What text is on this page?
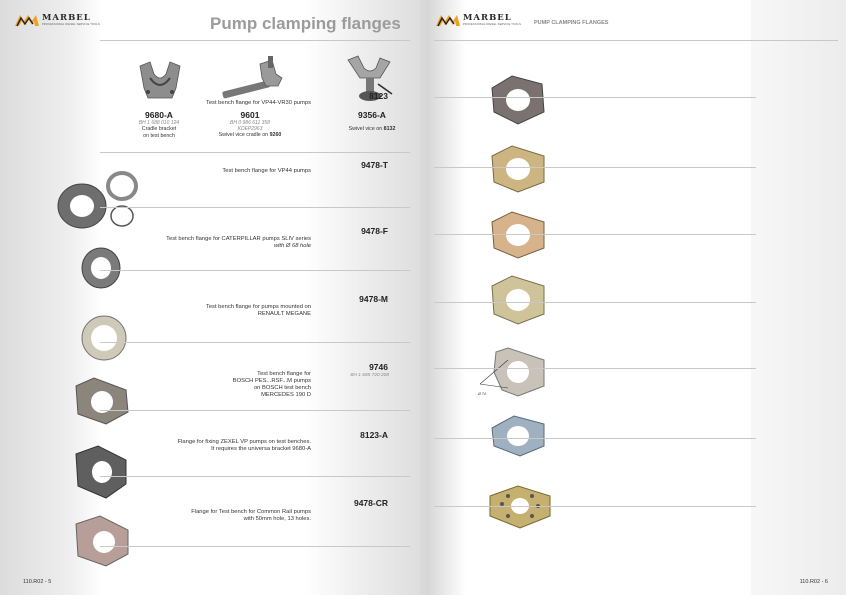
MARBEL
PROFESSIONAL DIESEL SERVICE TOOLS	Pump clamping flanges
9680-A
BH 1 688 010 124
Cradle bracket
on test bench
9601
BH 0 986 611 358
KDEP2963
Swivel vice cradle on 9260
9356-A
Swivel vice on 8132
110.R02 - 5
MARBEL
PROFESSIONAL DIESEL SERVICE TOOLS PUMP CLAMPING FLANGES
Ø 74
8123
Test bench flange for VP44-VR30 pumps
9478-T
Test bench flange for VP44 pumps
9478-F
Test bench flange for CATERPILLAR pumps SLIV series
with Ø 68 hole
9478-M
Test bench flange for pumps mounted on
RENAULT MEGANE
9746
BH 1 685 720 208
Test bench flange for
BOSCH PES...RSF...M pumps
on BOSCH test bench
MERCEDES 190 D
8123-A
Flange for fixing ZEXEL VP pumps on test benches.
It requires the universa bracket 9680-A
9478-CR
Flange for Test bench for Common Rail pumps
with 50mm hole, 13 holes.
110.R02 - 6
